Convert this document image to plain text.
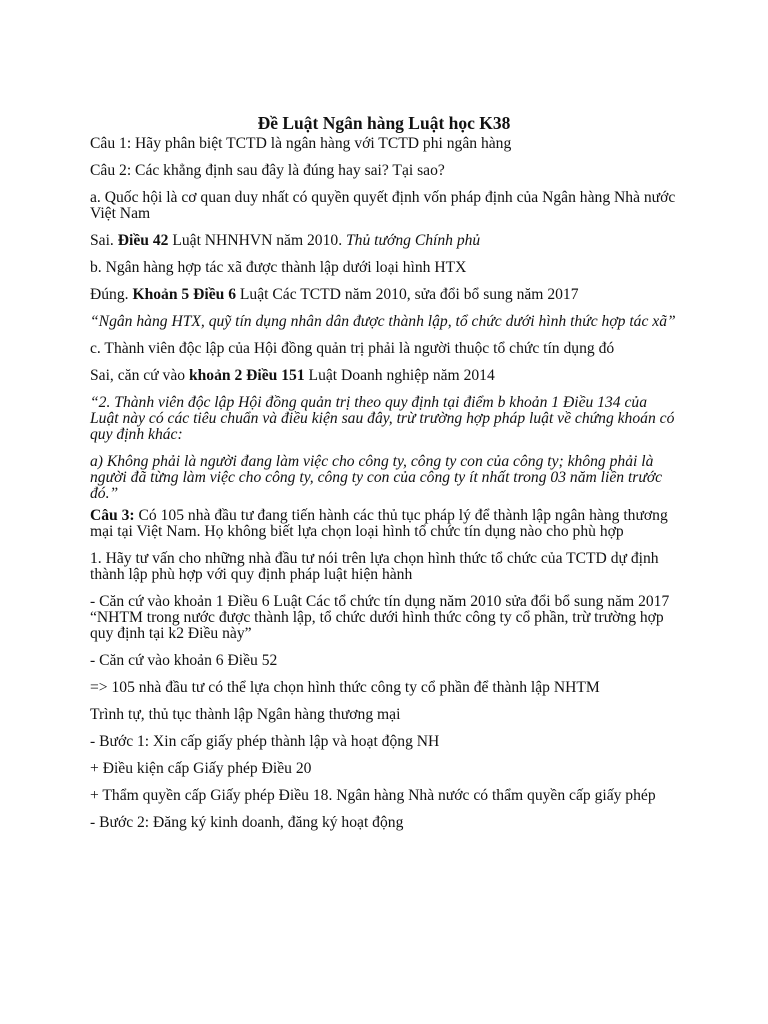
Đề Luật Ngân hàng Luật học K38

Câu 1: Hãy phân biệt TCTD là ngân hàng với TCTD phi ngân hàng

Câu 2: Các khẳng định sau đây là đúng hay sai? Tại sao?

a. Quốc hội là cơ quan duy nhất có quyền quyết định vốn pháp định của Ngân hàng Nhà nước Việt Nam

Sai. Điều 42 Luật NHNHVN năm 2010. Thủ tướng Chính phủ

b. Ngân hàng hợp tác xã được thành lập dưới loại hình HTX

Đúng. Khoản 5 Điều 6 Luật Các TCTD năm 2010, sửa đổi bổ sung năm 2017

“Ngân hàng HTX, quỹ tín dụng nhân dân được thành lập, tổ chức dưới hình thức hợp tác xã”

c. Thành viên độc lập của Hội đồng quản trị phải là người thuộc tổ chức tín dụng đó

Sai, căn cứ vào khoản 2 Điều 151 Luật Doanh nghiệp năm 2014

“2. Thành viên độc lập Hội đồng quản trị theo quy định tại điểm b khoản 1 Điều 134 của Luật này có các tiêu chuẩn và điều kiện sau đây, trừ trường hợp pháp luật về chứng khoán có quy định khác:

a) Không phải là người đang làm việc cho công ty, công ty con của công ty; không phải là người đã từng làm việc cho công ty, công ty con của công ty ít nhất trong 03 năm liền trước đó.”

Câu 3: Có 105 nhà đầu tư đang tiến hành các thủ tục pháp lý để thành lập ngân hàng thương mại tại Việt Nam. Họ không biết lựa chọn loại hình tổ chức tín dụng nào cho phù hợp

1. Hãy tư vấn cho những nhà đầu tư nói trên lựa chọn hình thức tổ chức của TCTD dự định thành lập phù hợp với quy định pháp luật hiện hành

- Căn cứ vào khoản 1 Điều 6 Luật Các tổ chức tín dụng năm 2010 sửa đổi bổ sung năm 2017 “NHTM trong nước được thành lập, tổ chức dưới hình thức công ty cổ phần, trừ trường hợp quy định tại k2 Điều này”

- Căn cứ vào khoản 6 Điều 52

=> 105 nhà đầu tư có thể lựa chọn hình thức công ty cổ phần để thành lập NHTM

Trình tự, thủ tục thành lập Ngân hàng thương mại

- Bước 1: Xin cấp giấy phép thành lập và hoạt động NH

+ Điều kiện cấp Giấy phép Điều 20

+ Thẩm quyền cấp Giấy phép Điều 18. Ngân hàng Nhà nước có thẩm quyền cấp giấy phép

- Bước 2: Đăng ký kinh doanh, đăng ký hoạt động
